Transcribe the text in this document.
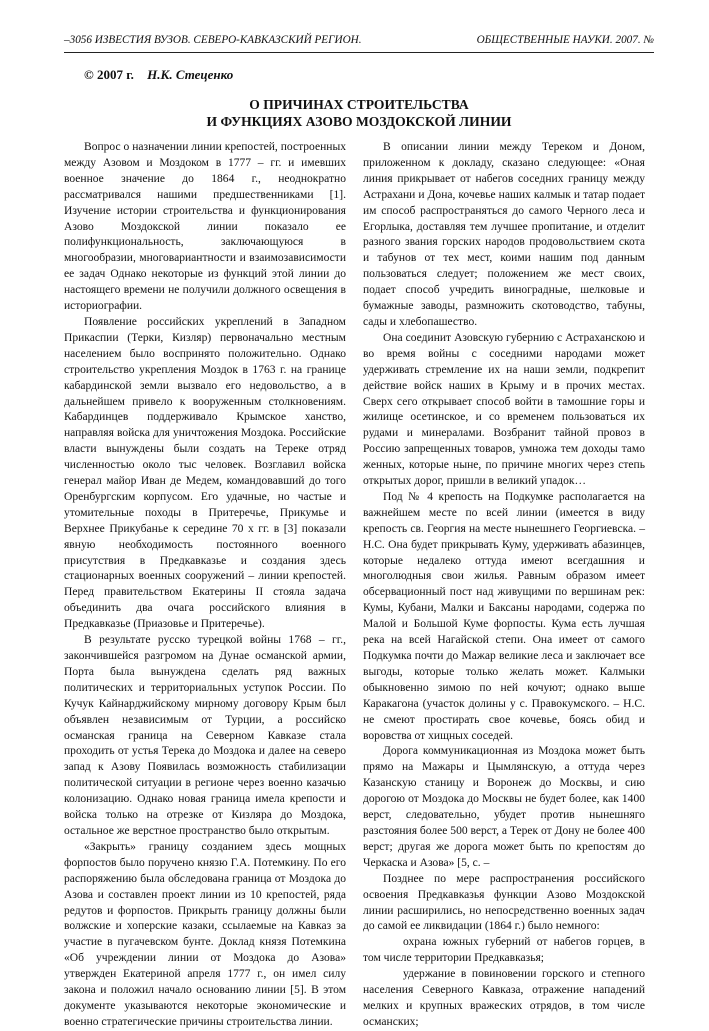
–3056 ИЗВЕСТИЯ ВУЗОВ. СЕВЕРО-КАВКАЗСКИЙ РЕГИОН.	ОБЩЕСТВЕННЫЕ НАУКИ. 2007. №
© 2007 г. Н.К. Стеценко
О ПРИЧИНАХ СТРОИТЕЛЬСТВА
И ФУНКЦИЯХ АЗОВО МОЗДОКСКОЙ ЛИНИИ

Вопрос о назначении линии крепостей, построенных между Азовом и Моздоком в 1777 – гг. и имевших военное значение до 1864 г., неоднократно рассматривался нашими предшественниками [1]. Изучение истории строительства и функционирования Азово Моздокской линии показало ее полифункциональность, заключающуюся в многообразии, многовариантности и взаимозависимости ее задач Однако некоторые из функций этой линии до настоящего времени не получили должного освещения в историографии.

Появление российских укреплений в Западном Прикаспии (Терки, Кизляр) первоначально местным населением было воспринято положительно. Однако строительство укрепления Моздок в 1763 г. на границе кабардинской земли вызвало его недовольство, а в дальнейшем привело к вооруженным столкновениям. Кабардинцев поддерживало Крымское ханство, направляя войска для уничтожения Моздока. Российские власти вынуждены были создать на Тереке отряд численностью около тыс человек. Возглавил войска генерал майор Иван де Медем, командовавший до того Оренбургским корпусом. Его удачные, но частые и утомительные походы в Притеречье, Прикумье и Верхнее Прикубанье к середине 70 х гг. в [3] показали явную необходимость постоянного военного присутствия в Предкавказье и создания здесь стационарных военных сооружений – линии крепостей. Перед правительством Екатерины II стояла задача объединить два очага российского влияния в Предкавказье (Приазовье и Притеречье).

В результате русско турецкой войны 1768 – гг., закончившейся разгромом на Дунае османской армии, Порта была вынуждена сделать ряд важных политических и территориальных уступок России. По Кучук Кайнарджийскому мирному договору Крым был объявлен независимым от Турции, а российско османская граница на Северном Кавказе стала проходить от устья Терека до Моздока и далее на северо запад к Азову Появилась возможность стабилизации политической ситуации в регионе через военно казачью колонизацию. Однако новая граница имела крепости и войска только на отрезке от Кизляра до Моздока, остальное же верстное пространство было открытым.

«Закрыть» границу созданием здесь мощных форпостов было поручено князю Г.А. Потемкину. По его распоряжению была обследована граница от Моздока до Азова и составлен проект линии из 10 крепостей, ряда редутов и форпостов. Прикрыть границу должны были волжские и хоперские казаки, ссылаемые на Кавказ за участие в пугачевском бунте. Доклад князя Потемкина «Об учреждении линии от Моздока до Азова» утвержден Екатериной апреля 1777 г., он имел силу закона и положил начало основанию линии [5]. В этом документе указываются некоторые экономические и военно стратегические причины строительства линии.

В описании линии между Тереком и Доном, приложенном к докладу, сказано следующее: «Оная линия прикрывает от набегов соседних границу между Астрахани и Дона, кочевье наших калмык и татар подает им способ распространяться до самого Черного леса и Егорлыка, доставляя тем лучшее пропитание, и отделит разного звания горских народов продовольствием скота и табунов от тех мест, коими нашим под данным пользоваться следует; положением же мест своих, подает способ учредить виноградные, шелковые и бумажные заводы, размножить скотоводство, табуны, сады и хлебопашество.

Она соединит Азовскую губернию с Астраханскою и во время войны с соседними народами может удерживать стремление их на наши земли, подкрепит действие войск наших в Крыму и в прочих местах. Сверх сего открывает способ войти в тамошние горы и жилище осетинское, и со временем пользоваться их рудами и минералами. Возбранит тайной провоз в Россию запрещенных товаров, умножа тем доходы тамо женных, которые ныне, по причине многих через степь открытых дорог, пришли в великий упадок…

Под № 4 крепость на Подкумке располагается на важнейшем месте по всей линии (имеется в виду крепость св. Георгия на месте нынешнего Георгиевска. – Н.С. Она будет прикрывать Куму, удерживать абазинцев, которые недалеко оттуда имеют всегдашния и многолюдныя свои жилья. Равным образом имеет обсервационный пост над живущими по вершинам рек: Кумы, Кубани, Малки и Баксаны народами, содержа по Малой и Большой Куме форпосты. Кума есть лучшая река на всей Нагайской степи. Она имеет от самого Подкумка почти до Мажар великие леса и заключает все выгоды, которые только желать может. Калмыки обыкновенно зимою по ней кочуют; однако выше Каракагона (участок долины у с. Правокумского. – Н.С. не смеют простирать свое кочевье, боясь обид и воровства от хищных соседей.

Дорога коммуникационная из Моздока может быть прямо на Мажары и Цымлянскую, а оттуда через Казанскую станицу и Воронеж до Москвы, и сию дорогою от Моздока до Москвы не будет более, как 1400 верст, следовательно, убудет против нынешняго разстояния более 500 верст, а Терек от Дону не более 400 верст; другая же дорога может быть по крепостям до Черкаска и Азова» [5, с. –

Позднее по мере распространения российского освоения Предкавказья функции Азово Моздокской линии расширились, но непосредственно военных задач до самой ее ликвидации (1864 г.) было немного:

охрана южных губерний от набегов горцев, в том числе территории Предкавказья;

удержание в повиновении горского и степного населения Северного Кавказа, отражение нападений мелких и крупных вражеских отрядов, в том числе османских;
